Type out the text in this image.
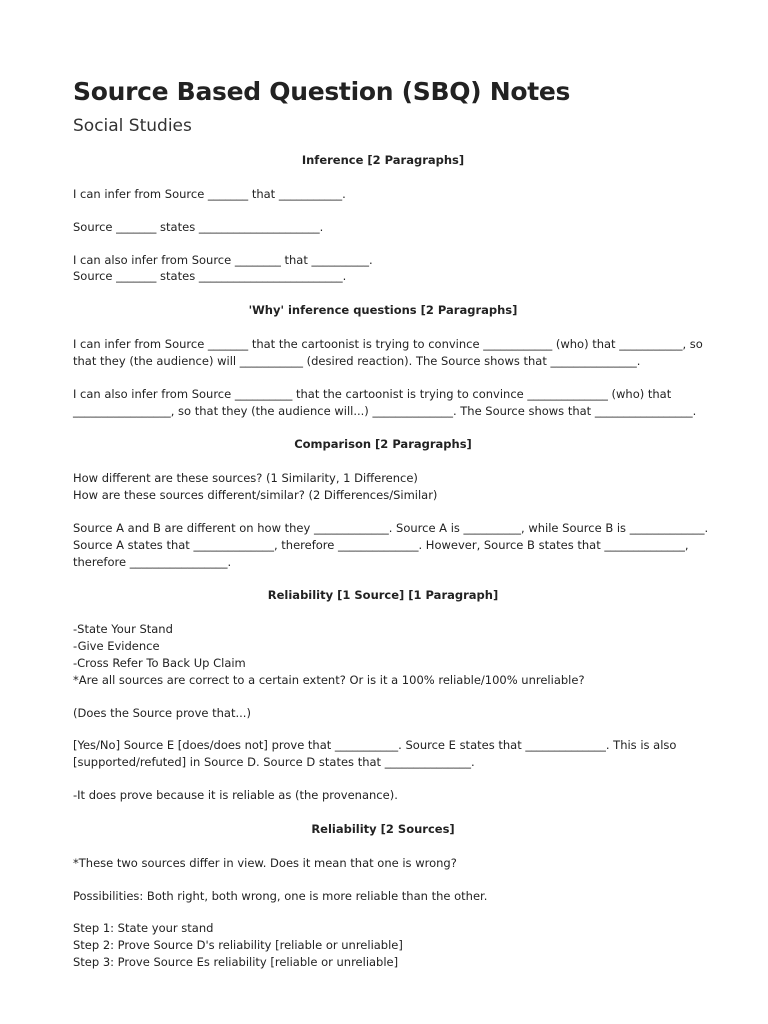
Source Based Question (SBQ) Notes
Social Studies
Inference [2 Paragraphs]

I can infer from Source _______ that ___________.

Source _______ states _____________________.

I can also infer from Source ________ that __________.
Source _______ states _________________________.

'Why' inference questions [2 Paragraphs]

I can infer from Source _______ that the cartoonist is trying to convince ____________ (who) that ___________, so
that they (the audience) will ___________ (desired reaction). The Source shows that _______________.

I can also infer from Source __________ that the cartoonist is trying to convince ______________ (who) that
_________________, so that they (the audience will...) ______________. The Source shows that _________________.

Comparison [2 Paragraphs]

How different are these sources? (1 Similarity, 1 Difference)
How are these sources different/similar? (2 Differences/Similar)

Source A and B are different on how they _____________. Source A is __________, while Source B is _____________.
Source A states that ______________, therefore ______________. However, Source B states that ______________,
therefore _________________.

Reliability [1 Source] [1 Paragraph]

-State Your Stand
-Give Evidence
-Cross Refer To Back Up Claim
*Are all sources are correct to a certain extent? Or is it a 100% reliable/100% unreliable?

(Does the Source prove that...)

[Yes/No] Source E [does/does not] prove that ___________. Source E states that ______________. This is also
[supported/refuted] in Source D. Source D states that _______________.

-It does prove because it is reliable as (the provenance).

Reliability [2 Sources]

*These two sources differ in view. Does it mean that one is wrong?

Possibilities: Both right, both wrong, one is more reliable than the other.

Step 1: State your stand
Step 2: Prove Source D's reliability [reliable or unreliable]
Step 3: Prove Source Es reliability [reliable or unreliable]
